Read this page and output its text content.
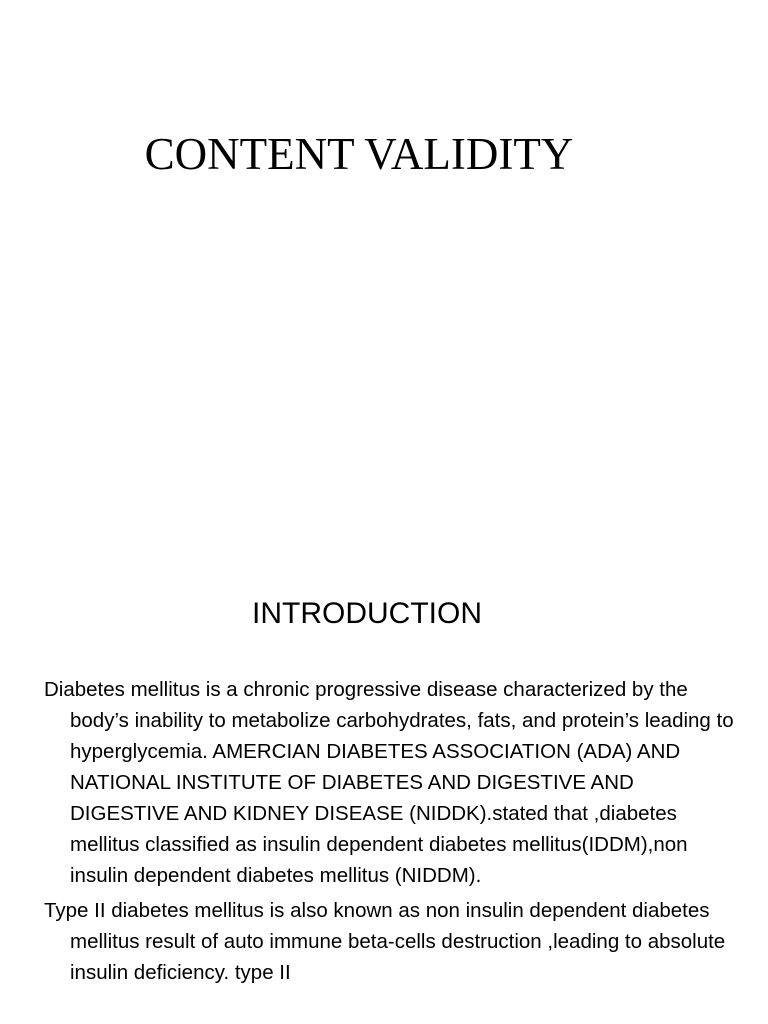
CONTENT VALIDITY
INTRODUCTION

Diabetes mellitus is a chronic progressive disease characterized by the body’s inability to metabolize carbohydrates, fats, and protein’s leading to hyperglycemia. AMERCIAN DIABETES ASSOCIATION (ADA) AND NATIONAL INSTITUTE OF DIABETES AND DIGESTIVE AND DIGESTIVE AND KIDNEY DISEASE (NIDDK).stated that ,diabetes mellitus classified as insulin dependent diabetes mellitus(IDDM),non insulin dependent diabetes mellitus (NIDDM).

Type II diabetes mellitus is also known as non insulin dependent diabetes mellitus result of auto immune beta-cells destruction ,leading to absolute insulin deficiency. type II
